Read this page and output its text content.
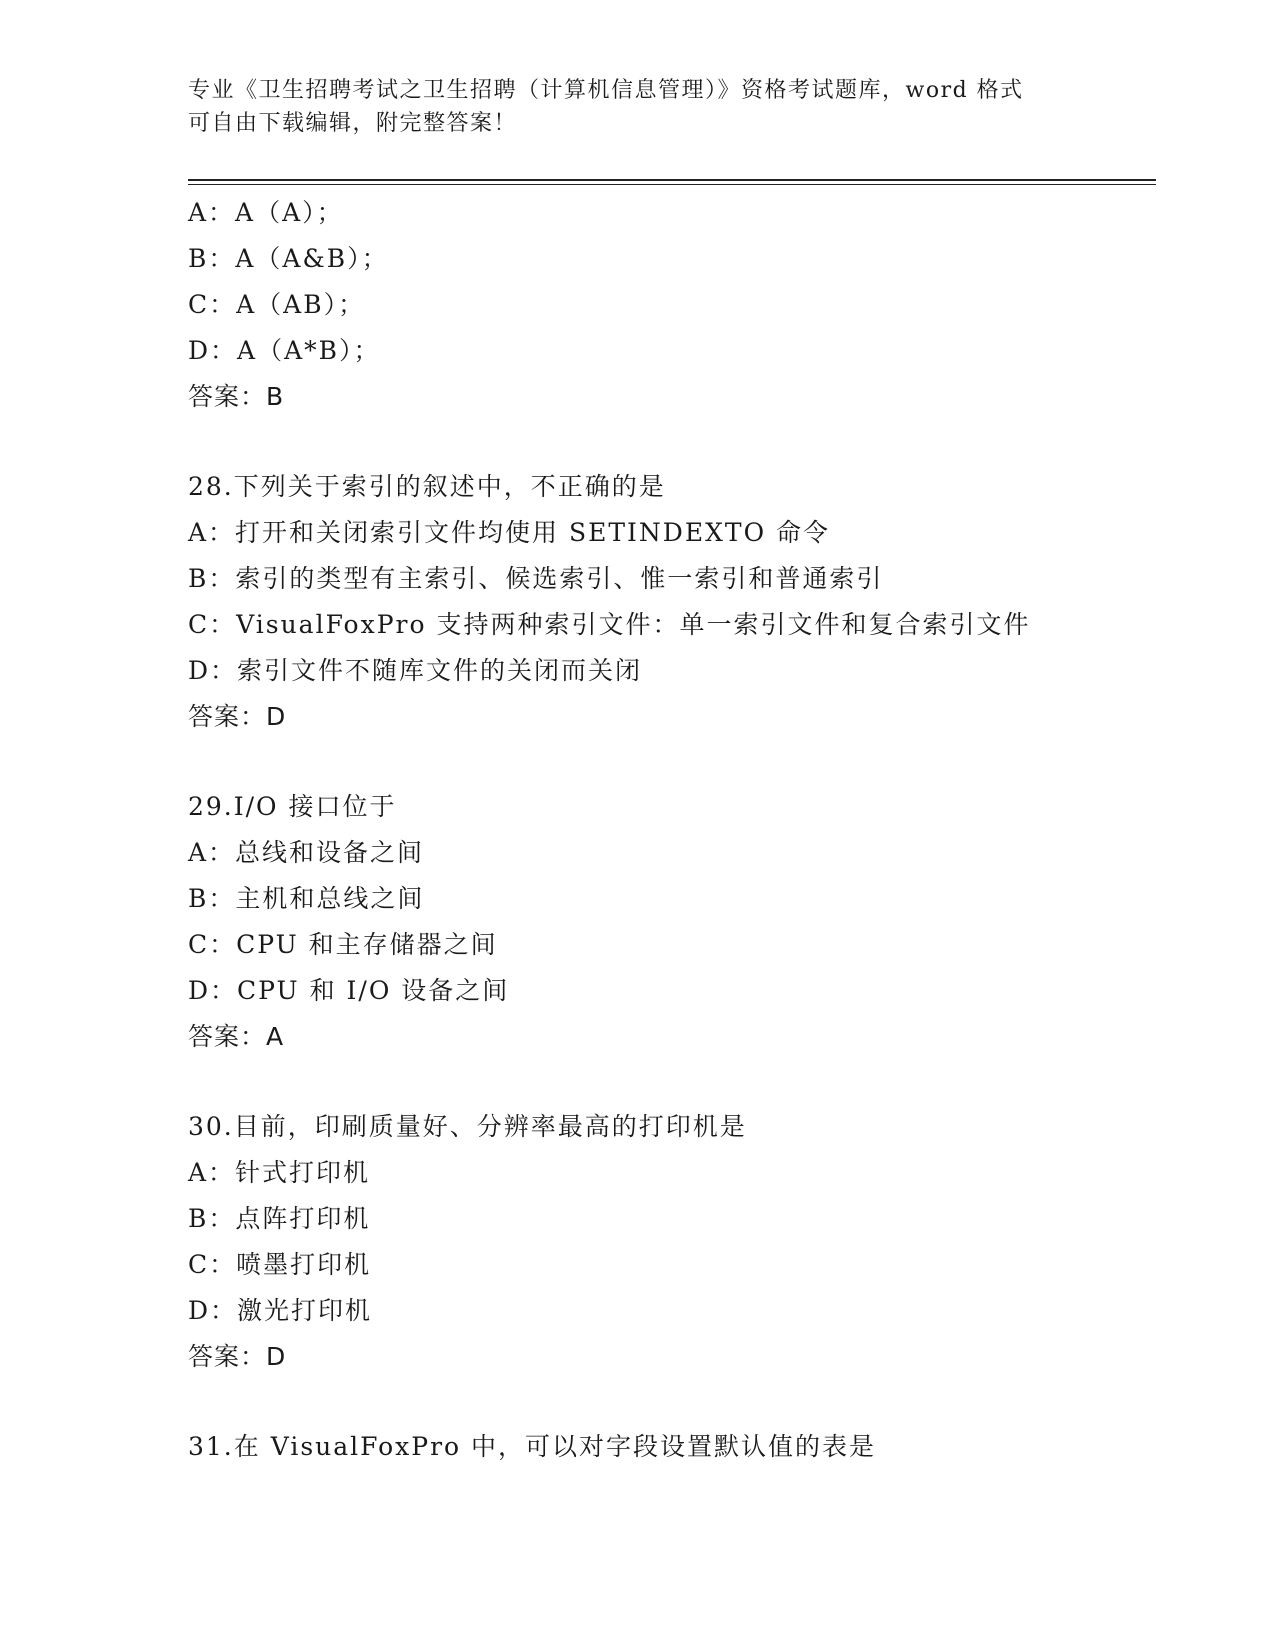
专业《卫生招聘考试之卫生招聘（计算机信息管理）》资格考试题库，word 格式
可自由下载编辑，附完整答案！
A：A（A）；
B：A（A&B）；
C：A（AB）；
D：A（A*B）；
答案：B
28.下列关于索引的叙述中，不正确的是
A：打开和关闭索引文件均使用 SETINDEXTO 命令
B：索引的类型有主索引、候选索引、惟一索引和普通索引
C：VisualFoxPro 支持两种索引文件：单一索引文件和复合索引文件
D：索引文件不随库文件的关闭而关闭
答案：D
29.I/O 接口位于
A：总线和设备之间
B：主机和总线之间
C：CPU 和主存储器之间
D：CPU 和 I/O 设备之间
答案：A
30.目前，印刷质量好、分辨率最高的打印机是
A：针式打印机
B：点阵打印机
C：喷墨打印机
D：激光打印机
答案：D
31.在 VisualFoxPro 中，可以对字段设置默认值的表是
